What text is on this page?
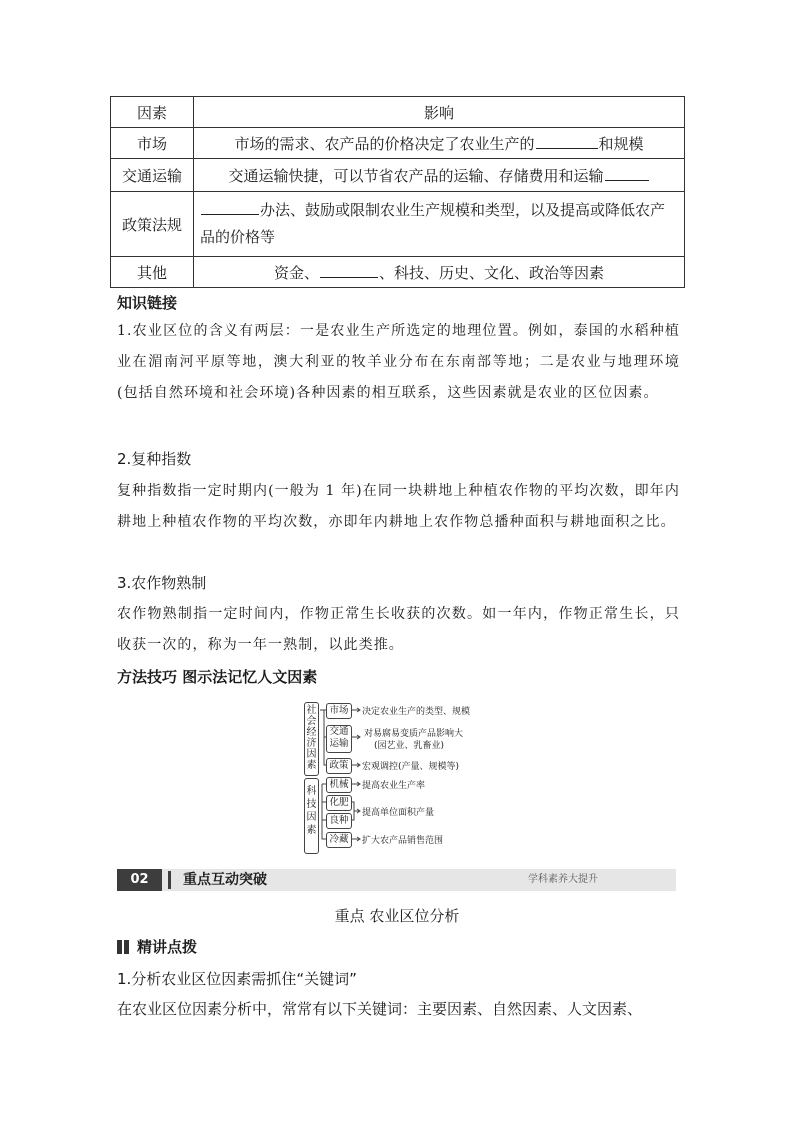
因素	影响
市场	市场的需求、农产品的价格决定了农业生产的 和规模
交通运输	交通运输快捷，可以节省农产品的运输、存储费用和运输
政策法规	办法、鼓励或限制农业生产规模和类型，以及提高或降低农产品的价格等
其他	资金、 、科技、历史、文化、政治等因素
知识链接
1.农业区位的含义有两层：一是农业生产所选定的地理位置。例如，泰国的水稻种植业在湄南河平原等地，澳大利亚的牧羊业分布在东南部等地；二是农业与地理环境(包括自然环境和社会环境)各种因素的相互联系，这些因素就是农业的区位因素。
2.复种指数
复种指数指一定时期内(一般为 1 年)在同一块耕地上种植农作物的平均次数，即年内耕地上种植农作物的平均次数，亦即年内耕地上农作物总播种面积与耕地面积之比。
3.农作物熟制
农作物熟制指一定时间内，作物正常生长收获的次数。如一年内，作物正常生长，只收获一次的，称为一年一熟制，以此类推。
方法技巧 图示法记忆人文因素
社会经济因素
科技因素
市场
交通运输
政策
机械
化肥
良种
冷藏
决定农业生产的类型、规模
对易腐易变质产品影响大
(园艺业、乳畜业)
宏观调控(产量、规模等)
提高农业生产率
提高单位面积产量
扩大农产品销售范围
02	重点互动突破	学科素养大提升
重点 农业区位分析
精讲点拨
1.分析农业区位因素需抓住“关键词”
在农业区位因素分析中，常常有以下关键词：主要因素、自然因素、人文因素、
